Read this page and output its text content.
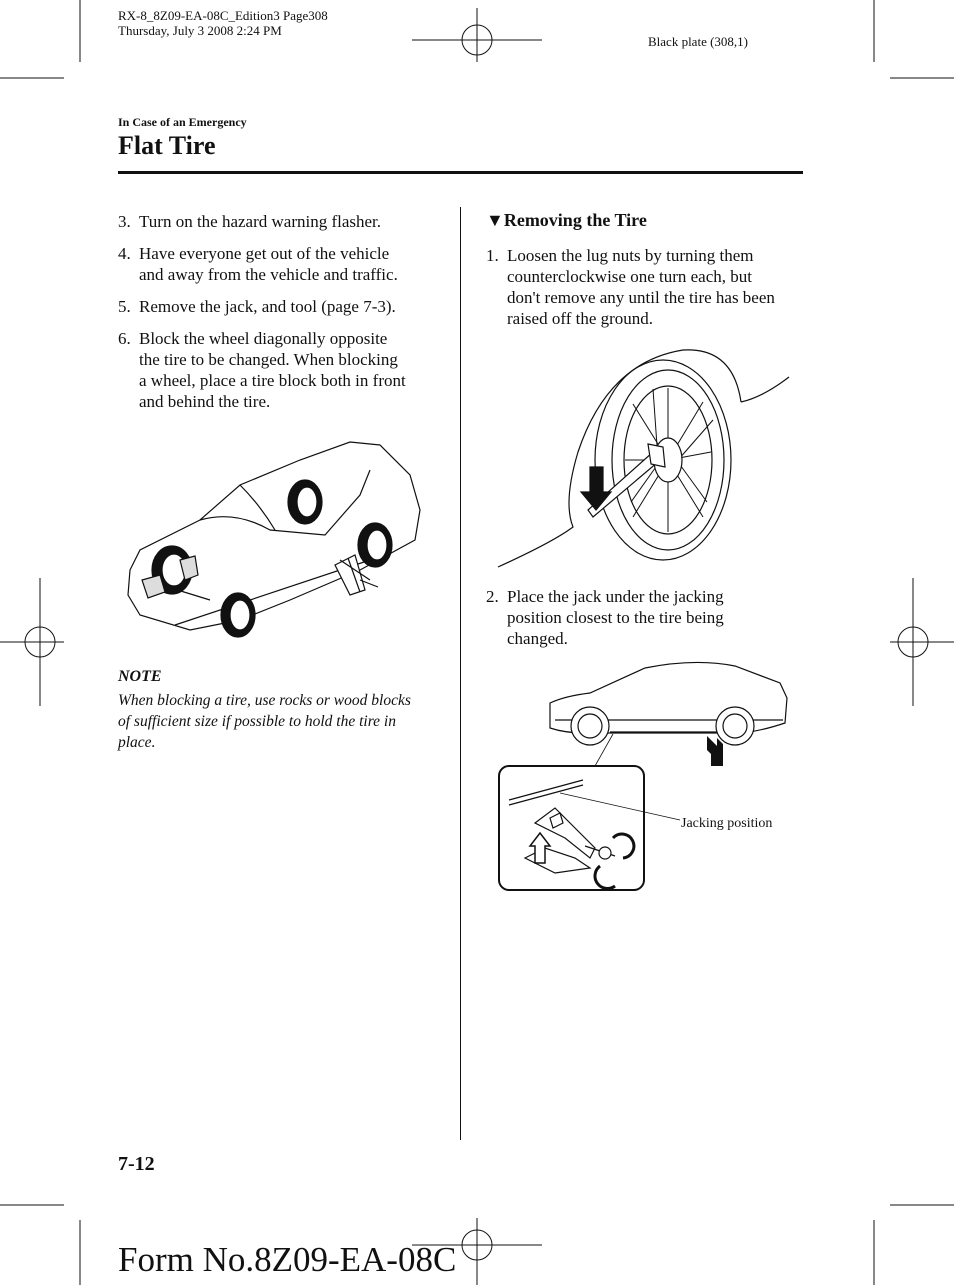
RX-8_8Z09-EA-08C_Edition3 Page308
Thursday, July 3 2008 2:24 PM
Black plate (308,1)
In Case of an Emergency
Flat Tire
3. Turn on the hazard warning flasher.
4. Have everyone get out of the vehicle
and away from the vehicle and traffic.
5. Remove the jack, and tool (page 7-3).
6. Block the wheel diagonally opposite
the tire to be changed. When blocking
a wheel, place a tire block both in front
and behind the tire.
NOTE
When blocking a tire, use rocks or wood blocks
of sufficient size if possible to hold the tire in
place.
▼Removing the Tire
1. Loosen the lug nuts by turning them
counterclockwise one turn each, but
don't remove any until the tire has been
raised off the ground.
2. Place the jack under the jacking
position closest to the tire being
changed.
Jacking position
7-12
Form No.8Z09-EA-08C
